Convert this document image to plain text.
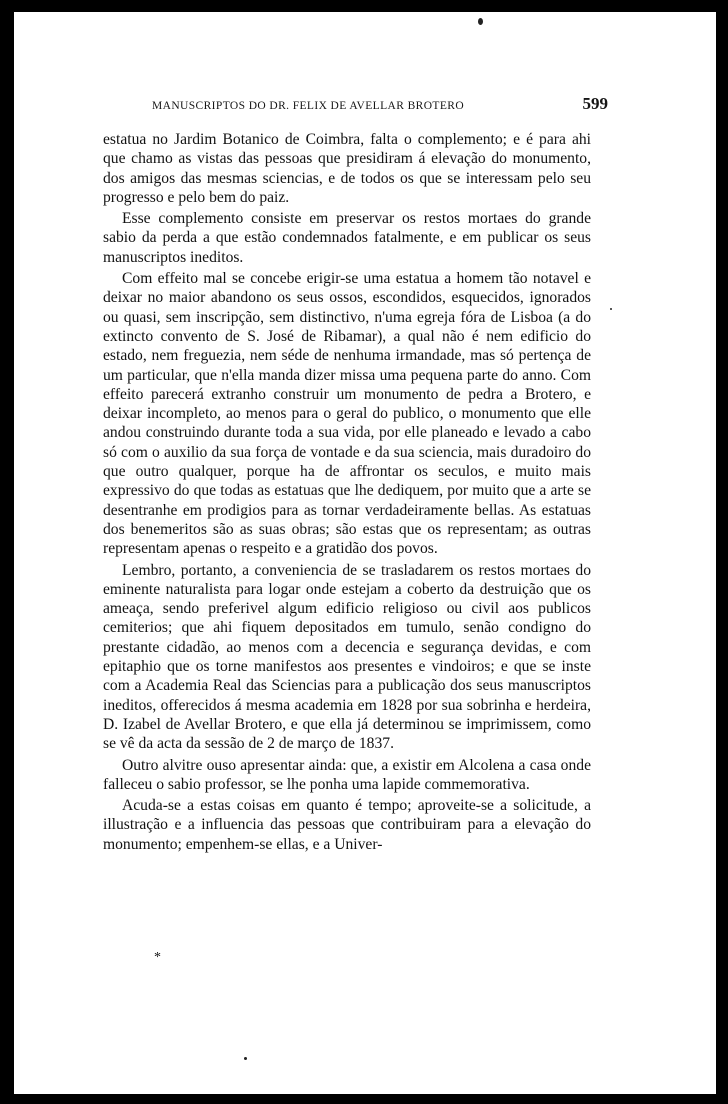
MANUSCRIPTOS DO DR. FELIX DE AVELLAR BROTERO	599

estatua no Jardim Botanico de Coimbra, falta o complemento; e é para ahi que chamo as vistas das pessoas que presidiram á elevação do monumento, dos amigos das mesmas sciencias, e de todos os que se interessam pelo seu progresso e pelo bem do paiz.

Esse complemento consiste em preservar os restos mortaes do grande sabio da perda a que estão condemnados fatalmente, e em publicar os seus manuscriptos ineditos.

Com effeito mal se concebe erigir-se uma estatua a homem tão notavel e deixar no maior abandono os seus ossos, escondidos, esquecidos, ignorados ou quasi, sem inscripção, sem distinctivo, n'uma egreja fóra de Lisboa (a do extincto convento de S. José de Ribamar), a qual não é nem edificio do estado, nem freguezia, nem séde de nenhuma irmandade, mas só pertença de um particular, que n'ella manda dizer missa uma pequena parte do anno. Com effeito parecerá extranho construir um monumento de pedra a Brotero, e deixar incompleto, ao menos para o geral do publico, o monumento que elle andou construindo durante toda a sua vida, por elle planeado e levado a cabo só com o auxilio da sua força de vontade e da sua sciencia, mais duradoiro do que outro qualquer, porque ha de affrontar os seculos, e muito mais expressivo do que todas as estatuas que lhe dediquem, por muito que a arte se desentranhe em prodigios para as tornar verdadeiramente bellas. As estatuas dos benemeritos são as suas obras; são estas que os representam; as outras representam apenas o respeito e a gratidão dos povos.

Lembro, portanto, a conveniencia de se trasladarem os restos mortaes do eminente naturalista para logar onde estejam a coberto da destruição que os ameaça, sendo preferivel algum edificio religioso ou civil aos publicos cemiterios; que ahi fiquem depositados em tumulo, senão condigno do prestante cidadão, ao menos com a decencia e segurança devidas, e com epitaphio que os torne manifestos aos presentes e vindoiros; e que se inste com a Academia Real das Sciencias para a publicação dos seus manuscriptos ineditos, offerecidos á mesma academia em 1828 por sua sobrinha e herdeira, D. Izabel de Avellar Brotero, e que ella já determinou se imprimissem, como se vê da acta da sessão de 2 de março de 1837.

Outro alvitre ouso apresentar ainda: que, a existir em Alcolena a casa onde falleceu o sabio professor, se lhe ponha uma lapide commemorativa.

Acuda-se a estas coisas em quanto é tempo; aproveite-se a solicitude, a illustração e a influencia das pessoas que contribuiram para a elevação do monumento; empenhem-se ellas, e a Univer-

*
